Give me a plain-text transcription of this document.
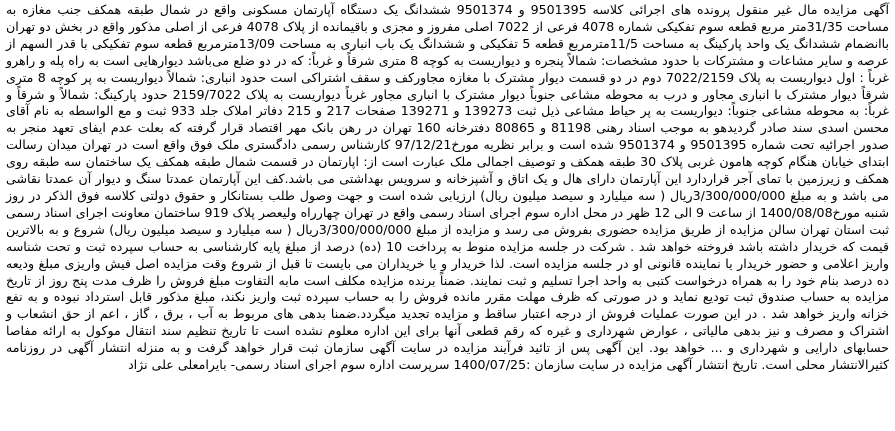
آگهی مزایده مال غیر منقول پرونده های اجرائی کلاسه 9501395 و 9501374 ششدانگ یک دستگاه آپارتمان مسکونی واقع در شمال طبقه همکف جنب مغازه به مساحت 31/35متر مربع قطعه سوم تفکیکی شماره 4078 فرعی از 7022 اصلی مفروز و مجزی و باقیمانده از پلاک 4078 فرعی از اصلی مذکور واقع در بخش دو تهران باانضمام ششدانگ یک واحد پارکینگ به مساحت 11/5مترمربع قطعه 5 تفکیکی و ششدانگ یک باب انباری به مساحت 13/09مترمربع قطعه سوم تفکیکی با قدر السهم از عرصه و سایر مشاعات و مشترکات با حدود مشخصات: شمالاً پنجره و دیواریست به کوچه 8 متری شرقاً و غرباً: که در دو ضلع می‌باشد دیوارهایی است به راه پله و راهرو غرباً : اول دیواریست به پلاک 7022/2159 دوم در دو قسمت دیوار مشترک با مغازه مجاورکف و سقف اشتراکی است حدود انباری: شمالاً دیواریست به پر کوچه 8 متری شرقاً دیوار مشترک با انباری مجاور و درب به محوطه مشاعی جنوباً دیوار مشترک با انباری مجاور غرباً دیواریست به پلاک 2159/7022 حدود پارکینگ: شمالاً و شرقاً و غرباً: به محوطه مشاعی جنوباً: دیواریست به پر حیاط مشاعی ذیل ثبت 139273 و 139271 صفحات 217 و 215 دفاتر املاک جلد 933 ثبت و مع الواسطه به نام آقای محسن اسدی سند صادر گردیدهو به موجب اسناد رهنی 81198 و 80865 دفترخانه 160 تهران در رهن بانک مهر اقتصاد قرار گرفته که بعلت عدم ایفای تعهد منجر به صدور اجرائیه تحت شماره 9501395 و 9501374 شده است و برابر نظریه مورخ97/12/21 کارشناس رسمی دادگستری ملک فوق واقع است در تهران میدان رسالت ابتدای خیابان هنگام کوچه هامون غربی پلاک 30 طبقه همکف و توصیف اجمالی ملک عبارت است از: اپارتمان در قسمت شمال طبقه همکف یک ساختمان سه طبقه روی همکف و زیرزمین با تمای آجر قراردارد این آپارتمان دارای هال و یک اتاق و آشپزخانه و سرویس بهداشتی می باشد.کف این آپارتمان عمدتا سنگ و دیوار آن عمدتا نقاشی می باشد و به مبلغ 3/300/000/000ریال ( سه میلیارد و سیصد میلیون ریال) ارزیابی شده است و جهت وصول طلب بستانکار و حقوق دولتی کلاسه فوق الذکر در روز شنبه مورخ1400/08/08 از ساعت 9 الی 12 ظهر در محل اداره سوم اجرای اسناد رسمی واقع در تهران چهارراه ولیعصر پلاک 919 ساختمان معاونت اجرای اسناد رسمی ثبت استان تهران سالن مزایده از طریق مزایده حضوری بفروش می رسد و مزایده از مبلغ 3/300/000/000ریال ( سه میلیارد و سیصد میلیون ریال) شروع و به بالاترین قیمت که خریدار داشته باشد فروخته خواهد شد . شرکت در جلسه مزایده منوط به پرداخت 10 (ده) درصد از مبلغ پایه کارشناسی به حساب سپرده ثبت و تحت شناسه واریز اعلامی و حضور خریدار یا نماینده قانونی او در جلسه مزایده است. لذا خریدار و یا خریداران می بایست تا قبل از شروع وقت مزایده اصل فیش واریزی مبلغ ودیعه ده درصد بنام خود را به همراه درخواست کتبی به واحد اجرا تسلیم و ثبت نمایند. ضمناً برنده مزایده مکلف است مابه التفاوت مبلغ فروش را ظرف مدت پنج روز از تاریخ مزایده به حساب صندوق ثبت تودیع نماید و در صورتی که ظرف مهلت مقرر مانده فروش را به حساب سپرده ثبت واریز نکند، مبلغ مذکور قابل استرداد نبوده و به نفع خزانه واریز خواهد شد . در این صورت عملیات فروش از درجه اعتبار ساقط و مزایده تجدید میگردد.ضمنا بدهی های مربوط به آب ، برق ، گاز ، اعم از حق انشعاب و اشتراک و مصرف و نیز بدهی مالیاتی ، عوارض شهرداری و غیره که رقم قطعی آنها برای این اداره معلوم نشده است تا تاریخ تنظیم سند انتقال موکول به ارائه مفاصا حسابهای دارایی و شهرداری و ... خواهد بود. این آگهی پس از تائید فرآیند مزایده در سایت آگهی سازمان ثبت قرار خواهد گرفت و به منزله انتشار آگهی در روزنامه کثیرالانتشار محلی است. تاریخ انتشار آگهی مزایده در سایت سازمان :1400/07/25 سرپرست اداره سوم اجرای اسناد رسمی- بایرامعلی علی نژاد
